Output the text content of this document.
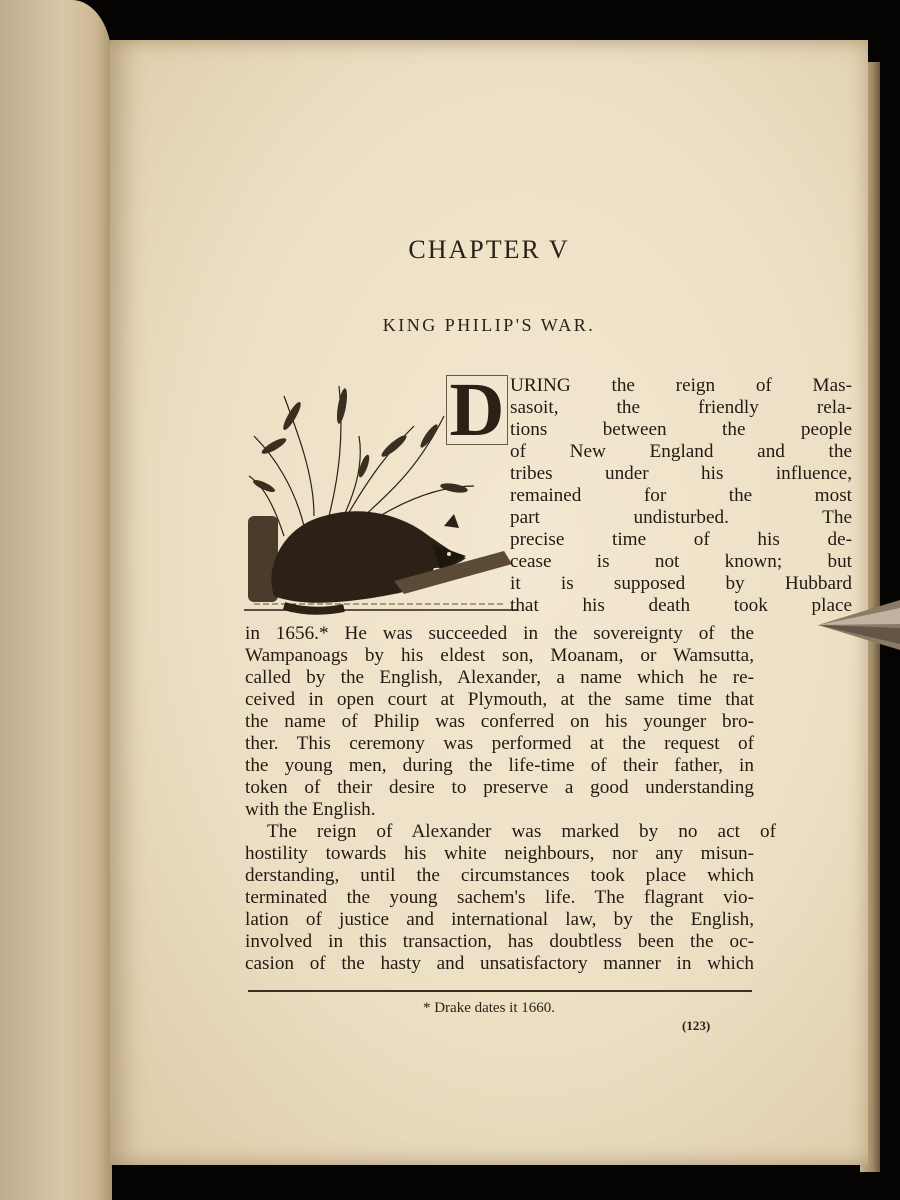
CHAPTER V
KING PHILIP'S WAR.
D URING the reign of Mas-
sasoit, the friendly rela-
tions between the people
of New England and the
tribes under his influence,
remained for the most
part undisturbed. The
precise time of his de-
cease is not known; but
it is supposed by Hubbard
that his death took place
in 1656.* He was succeeded in the sovereignty of the
Wampanoags by his eldest son, Moanam, or Wamsutta,
called by the English, Alexander, a name which he re-
ceived in open court at Plymouth, at the same time that
the name of Philip was conferred on his younger bro-
ther. This ceremony was performed at the request of
the young men, during the life-time of their father, in
token of their desire to preserve a good understanding
with the English.
The reign of Alexander was marked by no act of
hostility towards his white neighbours, nor any misun-
derstanding, until the circumstances took place which
terminated the young sachem's life. The flagrant vio-
lation of justice and international law, by the English,
involved in this transaction, has doubtless been the oc-
casion of the hasty and unsatisfactory manner in which
* Drake dates it 1660.
(123)
